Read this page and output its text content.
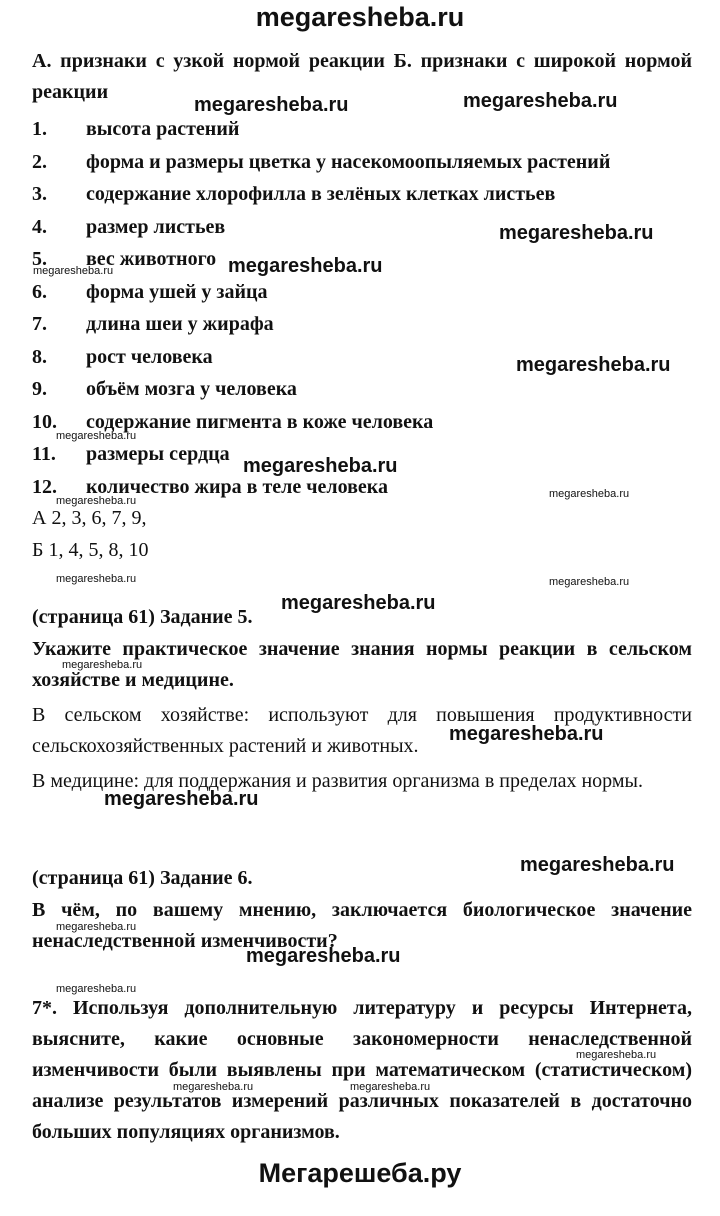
megaresheba.ru
А. признаки с узкой нормой реакции Б. признаки с широкой нормой реакции
1.	высота растений
2.	форма и размеры цветка у насекомоопыляемых растений
3.	содержание хлорофилла в зелёных клетках листьев
4.	размер листьев
5.	вес животного
6.	форма ушей у зайца
7.	длина шеи у жирафа
8.	рост человека
9.	объём мозга у человека
10.	содержание пигмента в коже человека
11.	размеры сердца
12.	количество жира в теле человека
А 2, 3, 6, 7, 9,
Б 1, 4, 5, 8, 10
(страница 61) Задание 5.
Укажите практическое значение знания нормы реакции в сельском хозяйстве и медицине.
В сельском хозяйстве: используют для повышения продуктивности сельскохозяйственных растений и животных.
В медицине: для поддержания и развития организма в пределах нормы.
(страница 61) Задание 6.
В чём, по вашему мнению, заключается биологическое значение ненаследственной изменчивости?
7*. Используя дополнительную литературу и ресурсы Интернета, выясните, какие основные закономерности ненаследственной изменчивости были выявлены при математическом (статистическом) анализе результатов измерений различных показателей в достаточно больших популяциях организмов.
megaresheba.ru	megaresheba.ru
megaresheba.ru
megaresheba.ru
megaresheba.ru
megaresheba.ru
megaresheba.ru
megaresheba.ru
megaresheba.ru
megaresheba.ru
megaresheba.ru
megaresheba.ru
megaresheba.ru
megaresheba.ru
megaresheba.ru
megaresheba.ru	megaresheba.ru
megaresheba.ru
megaresheba.ru
megaresheba.ru
megaresheba.ru
megaresheba.ru	megaresheba.ru
Мегарешеба.ру
